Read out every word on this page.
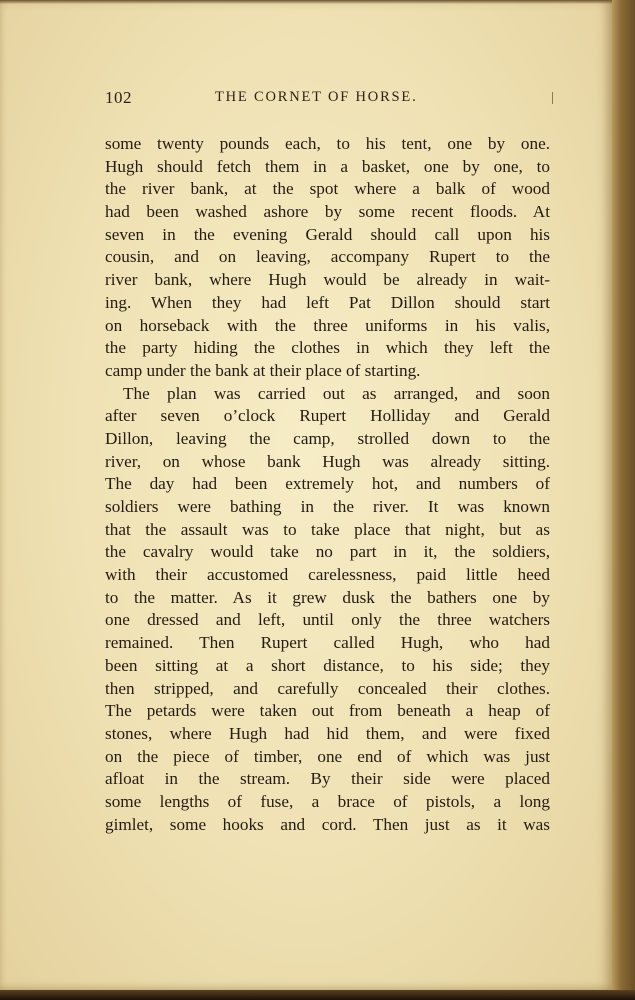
102	THE CORNET OF HORSE.
some twenty pounds each, to his tent, one by one.
Hugh should fetch them in a basket, one by one, to
the river bank, at the spot where a balk of wood
had been washed ashore by some recent floods. At
seven in the evening Gerald should call upon his
cousin, and on leaving, accompany Rupert to the
river bank, where Hugh would be already in wait-
ing. When they had left Pat Dillon should start
on horseback with the three uniforms in his valis,
the party hiding the clothes in which they left the
camp under the bank at their place of starting.
The plan was carried out as arranged, and soon
after seven o’clock Rupert Holliday and Gerald
Dillon, leaving the camp, strolled down to the
river, on whose bank Hugh was already sitting.
The day had been extremely hot, and numbers of
soldiers were bathing in the river. It was known
that the assault was to take place that night, but as
the cavalry would take no part in it, the soldiers,
with their accustomed carelessness, paid little heed
to the matter. As it grew dusk the bathers one by
one dressed and left, until only the three watchers
remained. Then Rupert called Hugh, who had
been sitting at a short distance, to his side; they
then stripped, and carefully concealed their clothes.
The petards were taken out from beneath a heap of
stones, where Hugh had hid them, and were fixed
on the piece of timber, one end of which was just
afloat in the stream. By their side were placed
some lengths of fuse, a brace of pistols, a long
gimlet, some hooks and cord. Then just as it was
